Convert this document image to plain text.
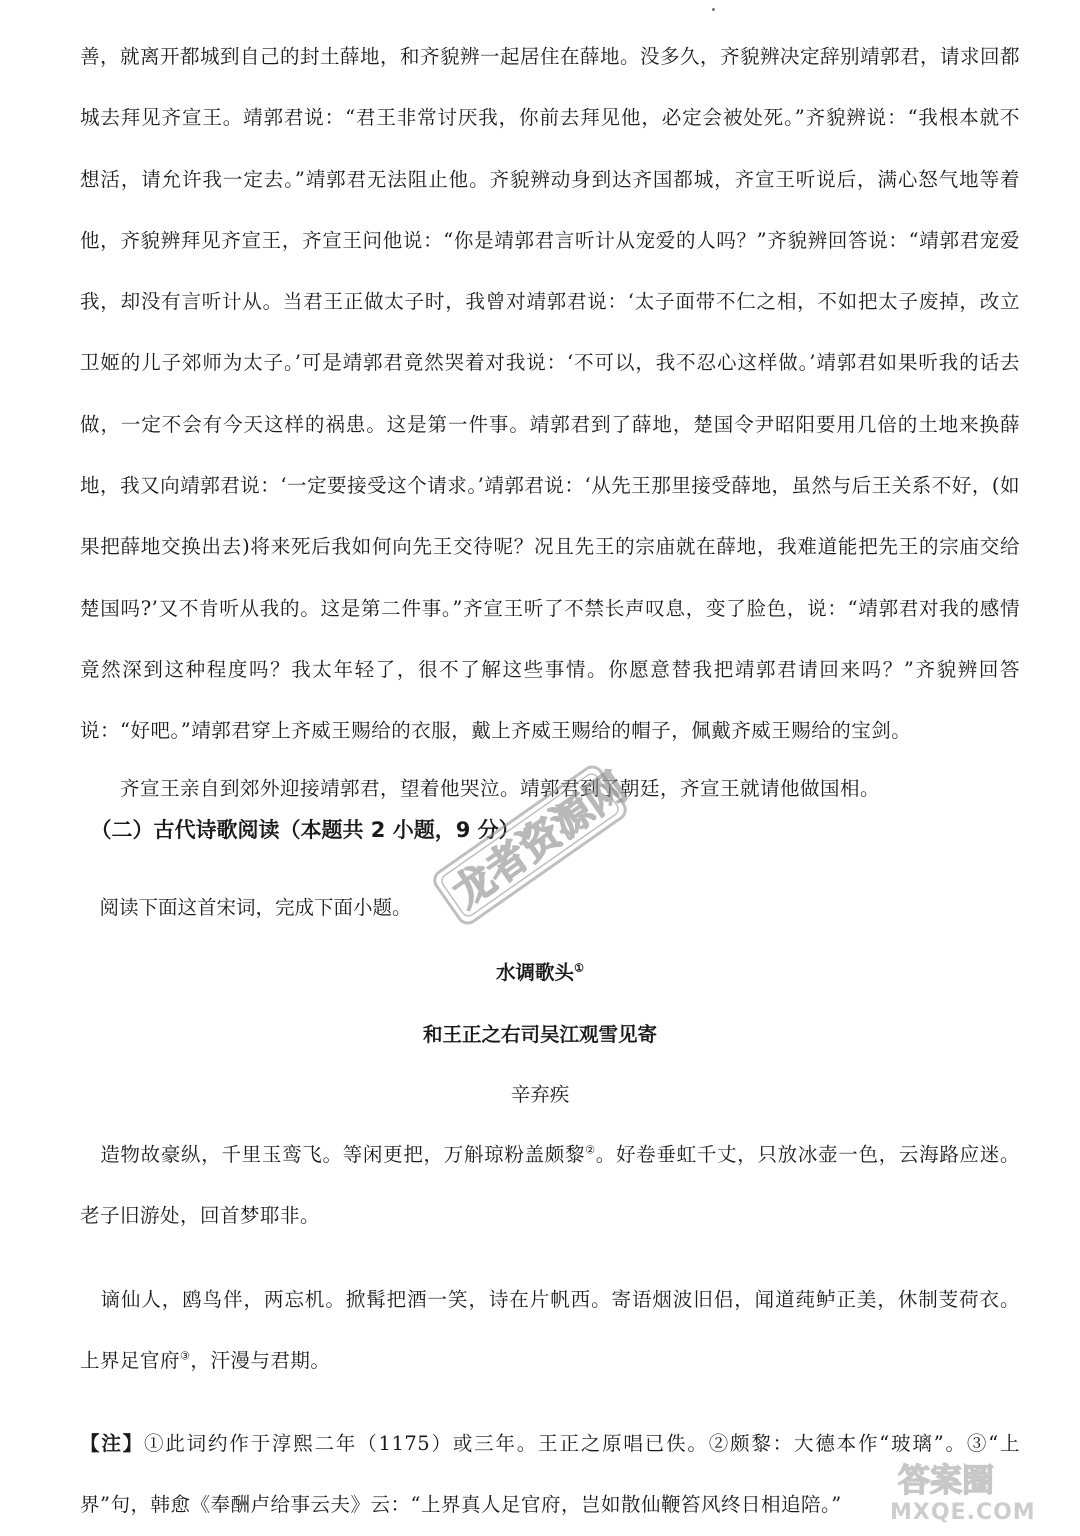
善，就离开都城到自己的封土薛地，和齐貌辨一起居住在薛地。没多久，齐貌辨决定辞别靖郭君，请求回都城去拜见齐宣王。靖郭君说：“君王非常讨厌我，你前去拜见他，必定会被处死。”齐貌辨说：“我根本就不想活，请允许我一定去。”靖郭君无法阻止他。齐貌辨动身到达齐国都城，齐宣王听说后，满心怒气地等着他，齐貌辨拜见齐宣王，齐宣王问他说：“你是靖郭君言听计从宠爱的人吗？”齐貌辨回答说：“靖郭君宠爱我，却没有言听计从。当君王正做太子时，我曾对靖郭君说：‘太子面带不仁之相，不如把太子废掉，改立卫姬的儿子郊师为太子。’可是靖郭君竟然哭着对我说：‘不可以，我不忍心这样做。’靖郭君如果听我的话去做，一定不会有今天这样的祸患。这是第一件事。靖郭君到了薛地，楚国令尹昭阳要用几倍的土地来换薛地，我又向靖郭君说：‘一定要接受这个请求。’靖郭君说：‘从先王那里接受薛地，虽然与后王关系不好，(如果把薛地交换出去)将来死后我如何向先王交待呢？况且先王的宗庙就在薛地，我难道能把先王的宗庙交给楚国吗?’又不肯听从我的。这是第二件事。”齐宣王听了不禁长声叹息，变了脸色，说：“靖郭君对我的感情竟然深到这种程度吗？我太年轻了，很不了解这些事情。你愿意替我把靖郭君请回来吗？”齐貌辨回答说：“好吧。”靖郭君穿上齐威王赐给的衣服，戴上齐威王赐给的帽子，佩戴齐威王赐给的宝剑。

　　齐宣王亲自到郊外迎接靖郭君，望着他哭泣。靖郭君到了朝廷，齐宣王就请他做国相。

　（二）古代诗歌阅读（本题共 2 小题，9 分）

　阅读下面这首宋词，完成下面小题。

水调歌头①

和王正之右司吴江观雪见寄

辛弃疾

　造物故豪纵，千里玉鸾飞。等闲更把，万斛琼粉盖颇黎②。好卷垂虹千丈，只放冰壶一色，云海路应迷。老子旧游处，回首梦耶非。

　谪仙人，鸥鸟伴，两忘机。掀髯把酒一笑，诗在片帆西。寄语烟波旧侣，闻道莼鲈正美，休制芰荷衣。上界足官府③，汗漫与君期。

【注】①此词约作于淳熙二年（1175）或三年。王正之原唱已佚。②颇黎：大德本作“玻璃”。③“上界”句，韩愈《奉酬卢给事云夫》云：“上界真人足官府，岂如散仙鞭笞风终日相追陪。”

龙者资源网
答案圈
MXQE.COM
